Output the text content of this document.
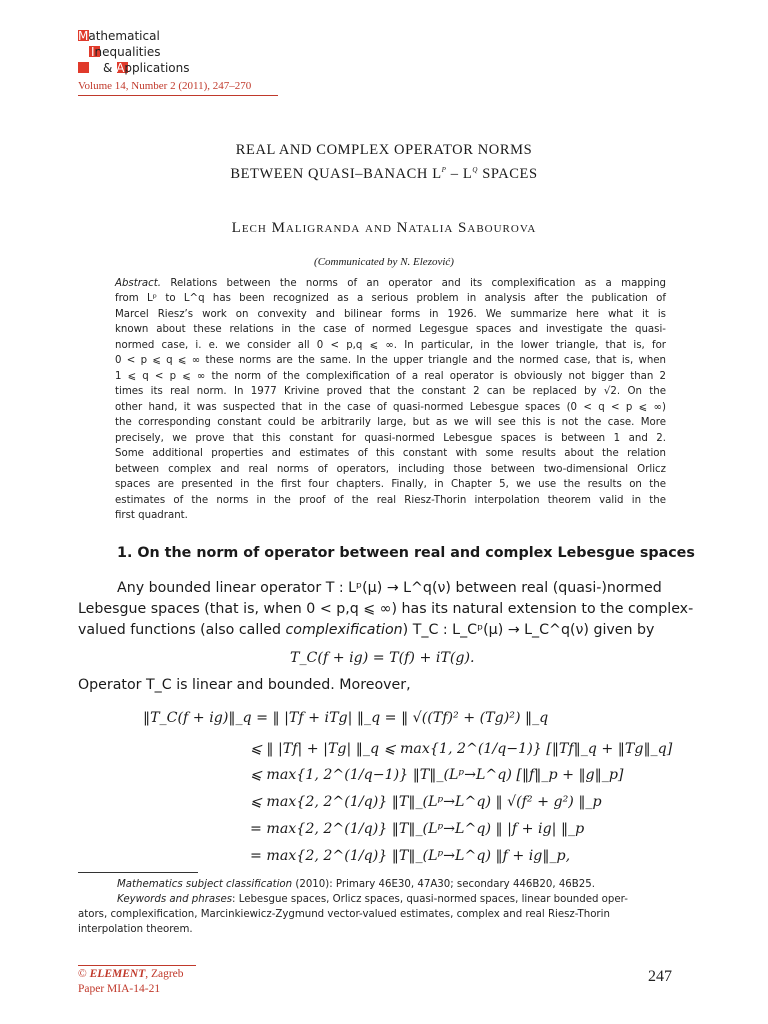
Mathematical
Inequalities
& Applications
Volume 14, Number 2 (2011), 247–270
REAL AND COMPLEX OPERATOR NORMS
BETWEEN QUASI–BANACH $L^p - L^q$ SPACES
Lech Maligranda and Natalia Sabourova
(Communicated by N. Elezović)
Abstract. Relations between the norms of an operator and its complexification as a mapping
from Lᵖ to L^q has been recognized as a serious problem in analysis after the publication of
Marcel Riesz’s work on convexity and bilinear forms in 1926. We summarize here what it is
known about these relations in the case of normed Legesgue spaces and investigate the quasi-
normed case, i. e. we consider all 0 < p,q ⩽ ∞. In particular, in the lower triangle, that is, for
0 < p ⩽ q ⩽ ∞ these norms are the same. In the upper triangle and the normed case, that is, when
1 ⩽ q < p ⩽ ∞ the norm of the complexification of a real operator is obviously not bigger than 2
times its real norm. In 1977 Krivine proved that the constant 2 can be replaced by √2. On the
other hand, it was suspected that in the case of quasi-normed Lebesgue spaces (0 < q < p ⩽ ∞)
the corresponding constant could be arbitrarily large, but as we will see this is not the case. More
precisely, we prove that this constant for quasi-normed Lebesgue spaces is between 1 and 2.
Some additional properties and estimates of this constant with some results about the relation
between complex and real norms of operators, including those between two-dimensional Orlicz
spaces are presented in the first four chapters. Finally, in Chapter 5, we use the results on the
estimates of the norms in the proof of the real Riesz-Thorin interpolation theorem valid in the
first quadrant.
1. On the norm of operator between real and complex Lebesgue spaces
Any bounded linear operator T : Lᵖ(μ) → L^q(ν) between real (quasi-)normed
Lebesgue spaces (that is, when 0 < p,q ⩽ ∞) has its natural extension to the complex-
valued functions (also called complexification) T_C : L_Cᵖ(μ) → L_C^q(ν) given by
T_C(f + ig) = T(f) + iT(g).
Operator T_C is linear and bounded. Moreover,
‖T_C(f + ig)‖_q = ‖ |Tf + iTg| ‖_q = ‖ √((Tf)² + (Tg)²) ‖_q
⩽ ‖ |Tf| + |Tg| ‖_q ⩽ max{1, 2^(1/q−1)} [‖Tf‖_q + ‖Tg‖_q]
⩽ max{1, 2^(1/q−1)} ‖T‖_(Lᵖ→L^q) [‖f‖_p + ‖g‖_p]
⩽ max{2, 2^(1/q)} ‖T‖_(Lᵖ→L^q) ‖ √(f² + g²) ‖_p
= max{2, 2^(1/q)} ‖T‖_(Lᵖ→L^q) ‖ |f + ig| ‖_p
= max{2, 2^(1/q)} ‖T‖_(Lᵖ→L^q) ‖f + ig‖_p,
Mathematics subject classification (2010): Primary 46E30, 47A30; secondary 446B20, 46B25.
Keywords and phrases: Lebesgue spaces, Orlicz spaces, quasi-normed spaces, linear bounded oper-
ators, complexification, Marcinkiewicz-Zygmund vector-valued estimates, complex and real Riesz-Thorin
interpolation theorem.
© ELEMENT, Zagreb
Paper MIA-14-21
247
